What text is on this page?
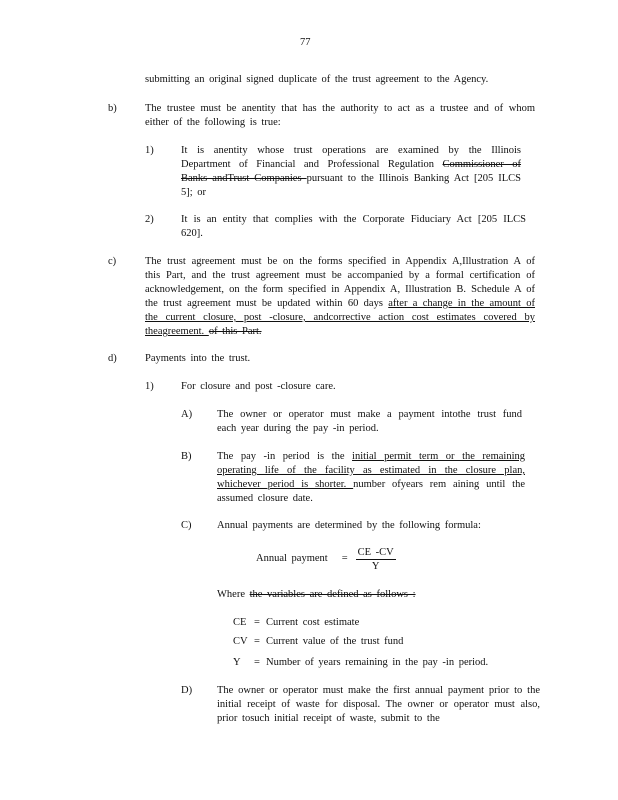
77
submitting an original signed duplicate of the trust agreement to the Agency.
b)	The trustee must be anentity that has the authority to act as a trustee and of whom either of the following is true:
1)	It is anentity whose trust operations are examined by the Illinois Department of Financial and Professional Regulation Commissioner of Banks andTrust Companies pursuant to the Illinois Banking Act [205 ILCS 5]; or
2)	It is an entity that complies with the Corporate Fiduciary Act [205 ILCS 620].
c)	The trust agreement must be on the forms specified in Appendix A,Illustration A of this Part, and the trust agreement must be accompanied by a formal certification of acknowledgement, on the form specified in Appendix A, Illustration B. Schedule A of the trust agreement must be updated within 60 days after a change in the amount of the current closure, post -closure, andcorrective action cost estimates covered by theagreement. of this Part.
d)	Payments into the trust.
1)	For closure and post -closure care.
A) The owner or operator must make a payment intothe trust fund each year during the pay -in period.
B) The pay -in period is the initial permit term or the remaining operating life of the facility as estimated in the closure plan, whichever period is shorter. number ofyears rem aining until the assumed closure date.
C) Annual payments are determined by the following formula:
Annual payment = $\frac{CE -CV}{Y}$
Where the variables are defined as follows :
CE = Current cost estimate
CV = Current value of the trust fund
Y = Number of years remaining in the pay -in period.
D) The owner or operator must make the first annual payment prior to the initial receipt of waste for disposal. The owner or operator must also, prior tosuch initial receipt of waste, submit to the
